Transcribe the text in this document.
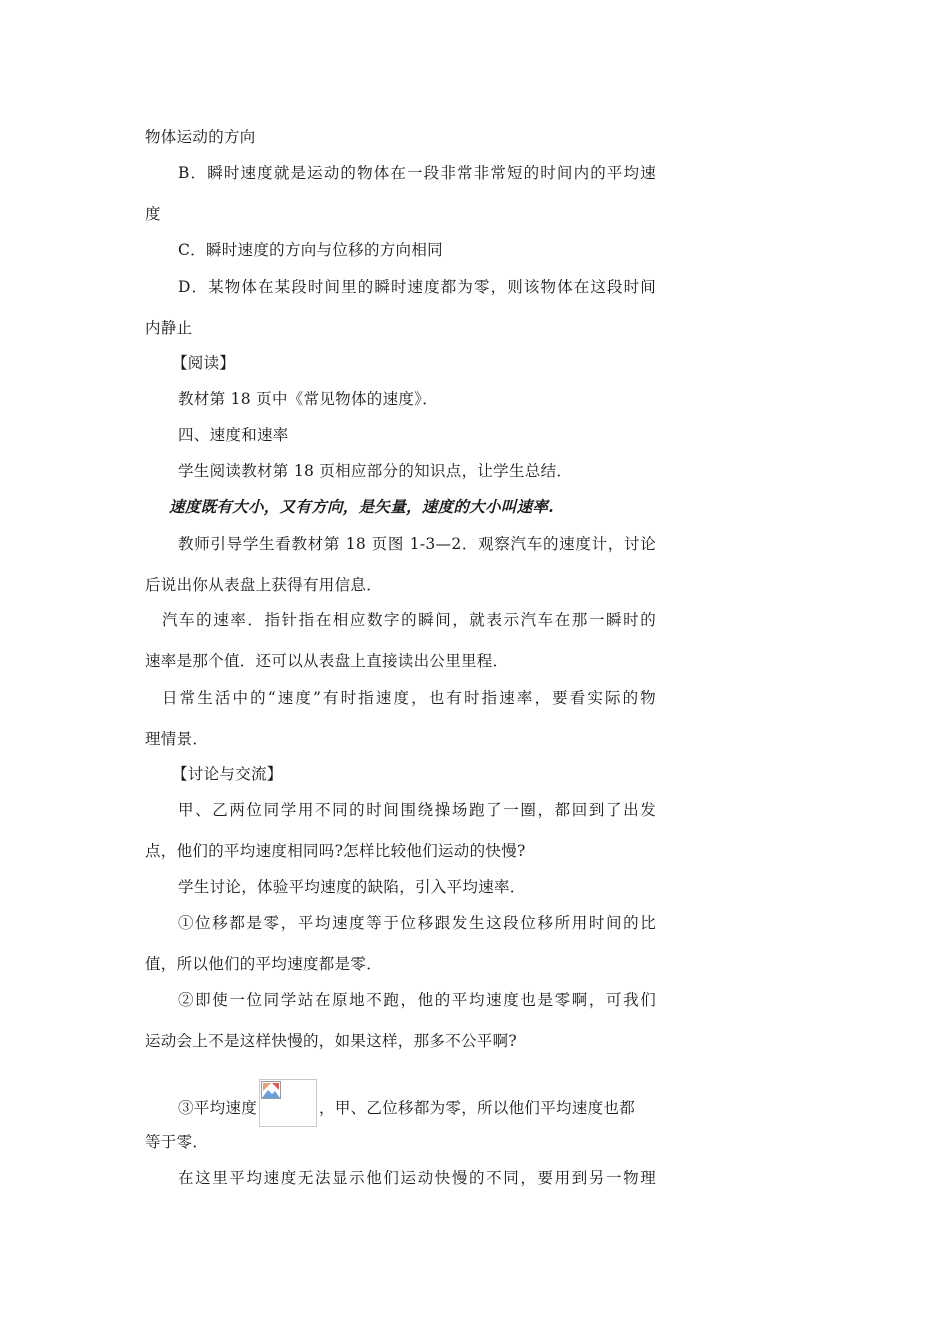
物体运动的方向
B．瞬时速度就是运动的物体在一段非常非常短的时间内的平均速
度
C．瞬时速度的方向与位移的方向相同
D．某物体在某段时间里的瞬时速度都为零，则该物体在这段时间
内静止
【阅读】
教材第 18 页中《常见物体的速度》．
四、速度和速率
学生阅读教材第 18 页相应部分的知识点，让学生总结．
速度既有大小，又有方向，是矢量，速度的大小叫速率.
教师引导学生看教材第 18 页图 1-3—2．观察汽车的速度计，讨论
后说出你从表盘上获得有用信息．
汽车的速率．指针指在相应数字的瞬间，就表示汽车在那一瞬时的
速率是那个值．还可以从表盘上直接读出公里里程．
日常生活中的“速度”有时指速度，也有时指速率，要看实际的物
理情景．
【讨论与交流】
甲、乙两位同学用不同的时间围绕操场跑了一圈，都回到了出发
点，他们的平均速度相同吗?怎样比较他们运动的快慢?
学生讨论，体验平均速度的缺陷，引入平均速率．
①位移都是零，平均速度等于位移跟发生这段位移所用时间的比
值，所以他们的平均速度都是零．
②即使一位同学站在原地不跑，他的平均速度也是零啊，可我们
运动会上不是这样快慢的，如果这样，那多不公平啊?
③平均速度	，甲、乙位移都为零，所以他们平均速度也都
等于零．
在这里平均速度无法显示他们运动快慢的不同，要用到另一物理
